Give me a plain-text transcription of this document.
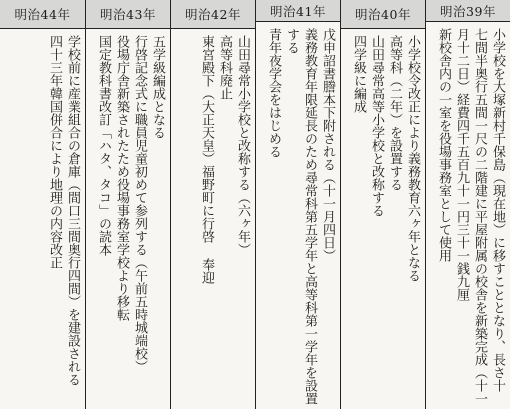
明治39年
小学校を大塚新村千保島（現在地）に移すこととなり、長さ十
七間半奥行五間一尺の二階建に平屋附属の校舎を新築完成（十一
月十二日）経費四千五百九十一円三十一銭九厘
新校舎内の一室を役場事務室として使用
明治40年
小学校令改正により義務教育六ヶ年となる
高等科（二年）を設置する
山田尋常高等小学校と改称する
四学級に編成
明治41年
戊申詔書謄本下附される（十一月四日）
義務教育年限延長のため尋常科第五学年と高等科第一学年を設置
する
青年夜学会をはじめる
明治42年
山田尋常小学校と改称する（六ヶ年）
高等科廃止
東宮殿下（大正天皇）福野町に行啓 奉迎
明治43年
五学級編成となる
行啓記念式に職員児童初めて参列する（午前五時城端校）
役場庁舎新築されたため役場事務室学校より移転
国定教科書改訂「ハタ、タコ」の読本
明治44年
学校前に産業組合の倉庫（間口三間奥行四間）を建設される
四十三年韓国併合により地理の内容改正
